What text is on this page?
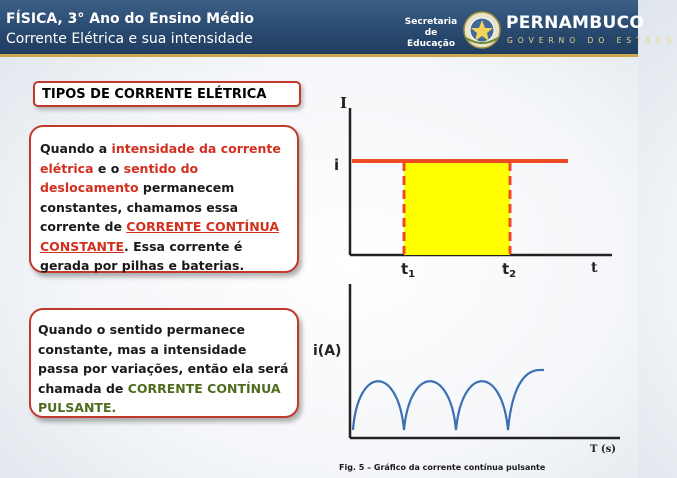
FÍSICA, 3° Ano do Ensino Médio
Corrente Elétrica e sua intensidade
Secretaria de
Educação
PERNAMBUCO
GOVERNO DO ESTADO
TIPOS DE CORRENTE ELÉTRICA
Quando a intensidade da corrente elétrica e o sentido do deslocamento permanecem constantes, chamamos essa corrente de CORRENTE CONTÍNUA CONSTANTE. Essa corrente é gerada por pilhas e baterias.
Quando o sentido permanece constante, mas a intensidade passa por variações, então ela será chamada de CORRENTE CONTÍNUA PULSANTE.
I
i
t
$t_1$	$t_2$
i(A)
T (s)
Fig. 5 – Gráfico da corrente contínua pulsante
